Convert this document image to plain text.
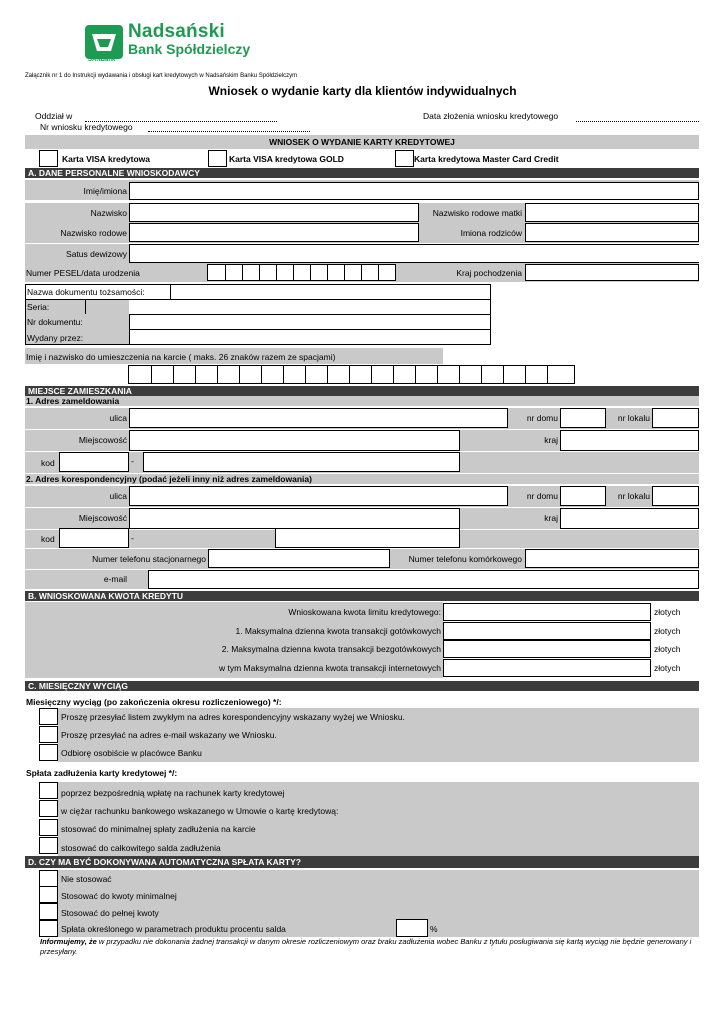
Nadsański
Bank Spółdzielczy
SANBank
Załącznik nr 1 do Instrukcji wydawania i obsługi kart kredytowych w Nadsańskim Banku Spółdzielczym
Wniosek o wydanie karty dla klientów indywidualnych
Oddział w	Data złożenia wniosku kredytowego
Nr wniosku kredytowego
WNIOSEK O WYDANIE KARTY KREDYTOWEJ
Karta VISA kredytowa	Karta VISA kredytowa GOLD	Karta kredytowa Master Card Credit
A. DANE PERSONALNE WNIOSKODAWCY
Imię/imiona
Nazwisko	Nazwisko rodowe matki
Nazwisko rodowe	Imiona rodziców
Satus dewizowy
Numer PESEL/data urodzenia	Kraj pochodzenia
Nazwa dokumentu tożsamości:
Seria:
Nr dokumentu:
Wydany przez:
Imię i nazwisko do umieszczenia na karcie ( maks. 26 znaków razem ze spacjami)
MIEJSCE ZAMIESZKANIA
1. Adres zameldowania
ulica	nr domu	nr lokalu
Miejscowość	kraj
kod	-
2. Adres korespondencyjny (podać jeżeli inny niż adres zameldowania)
ulica	nr domu	nr lokalu
Miejscowość	kraj
kod	-
Numer telefonu stacjonarnego	Numer telefonu komórkowego
e-mail
B. WNIOSKOWANA KWOTA KREDYTU
Wnioskowana kwota limitu kredytowego:	złotych
1. Maksymalna dzienna kwota transakcji gotówkowych	złotych
2. Maksymalna dzienna kwota transakcji bezgotówkowych	złotych
w tym Maksymalna dzienna kwota transakcji internetowych	złotych
C. MIESIĘCZNY WYCIĄG
Miesięczny wyciąg (po zakończenia okresu rozliczeniowego) */:
Proszę przesyłać listem zwykłym na adres korespondencyjny wskazany wyżej we Wniosku.
Proszę przesyłać na adres e-mail wskazany we Wniosku.
Odbiorę osobiście w placówce Banku
Spłata zadłużenia karty kredytowej */:
poprzez bezpośrednią wpłatę na rachunek karty kredytowej
w ciężar rachunku bankowego wskazanego w Umowie o kartę kredytową:
stosować do minimalnej spłaty zadłużenia na karcie
stosować do całkowitego salda zadłużenia
D. CZY MA BYĆ DOKONYWANA AUTOMATYCZNA SPŁATA KARTY?
Nie stosować
Stosować do kwoty minimalnej
Stosować do pełnej kwoty
Spłata określonego w parametrach produktu procentu salda	%
Informujemy, że w przypadku nie dokonania żadnej transakcji w danym okresie rozliczeniowym oraz braku zadłużenia wobec Banku z tytułu posługiwania się kartą wyciąg nie będzie generowany i przesyłany.
